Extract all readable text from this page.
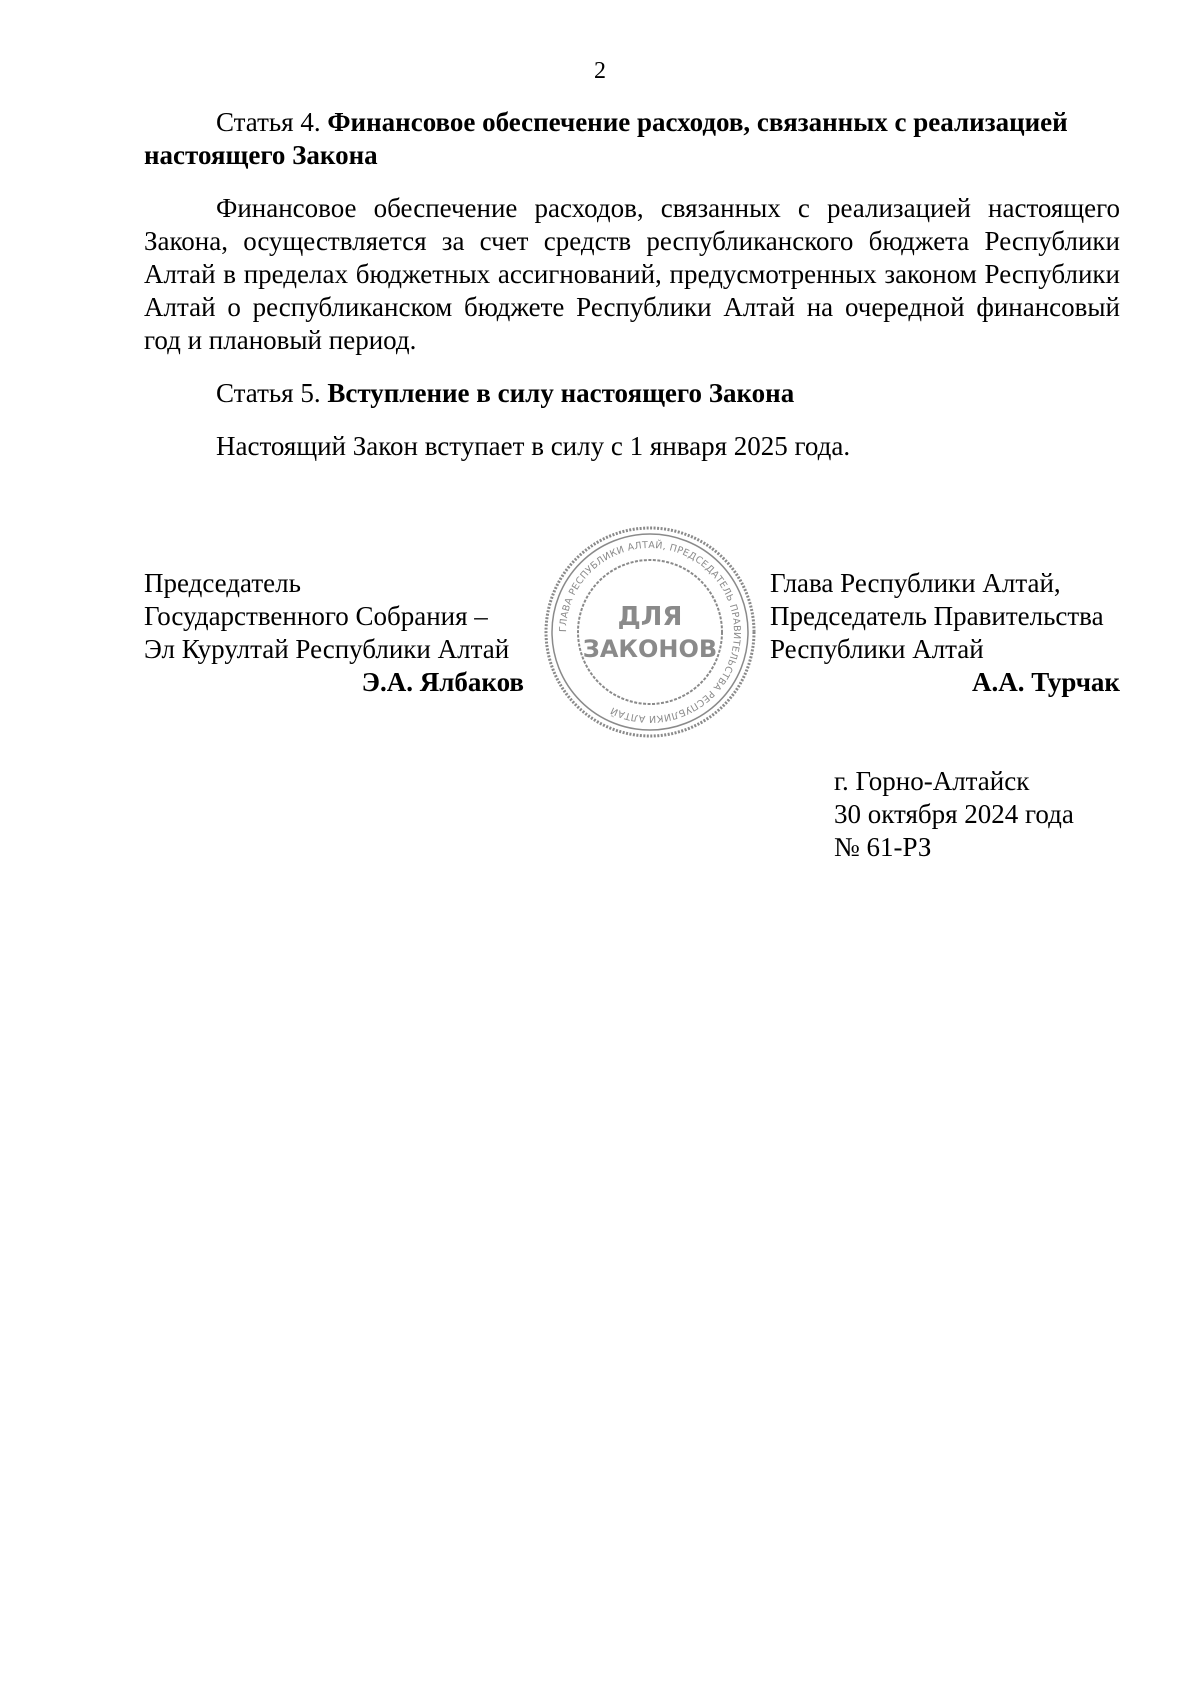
2

Статья 4. Финансовое обеспечение расходов, связанных с реализацией настоящего Закона

Финансовое обеспечение расходов, связанных с реализацией настоящего Закона, осуществляется за счет средств республиканского бюджета Республики Алтай в пределах бюджетных ассигнований, предусмотренных законом Республики Алтай о республиканском бюджете Республики Алтай на очередной финансовый год и плановый период.

Статья 5. Вступление в силу настоящего Закона

Настоящий Закон вступает в силу с 1 января 2025 года.

Председатель
Государственного Собрания –
Эл Курултай Республики Алтай
Э.А. Ялбаков
ГЛАВА РЕСПУБЛИКИ АЛТАЙ, ПРЕДСЕДАТЕЛЬ ПРАВИТЕЛЬСТВА РЕСПУБЛИКИ АЛТАЙ
ДЛЯ
ЗАКОНОВ
Глава Республики Алтай,
Председатель Правительства
Республики Алтай
А.А. Турчак
г. Горно-Алтайск
30 октября 2024 года
№ 61-РЗ
